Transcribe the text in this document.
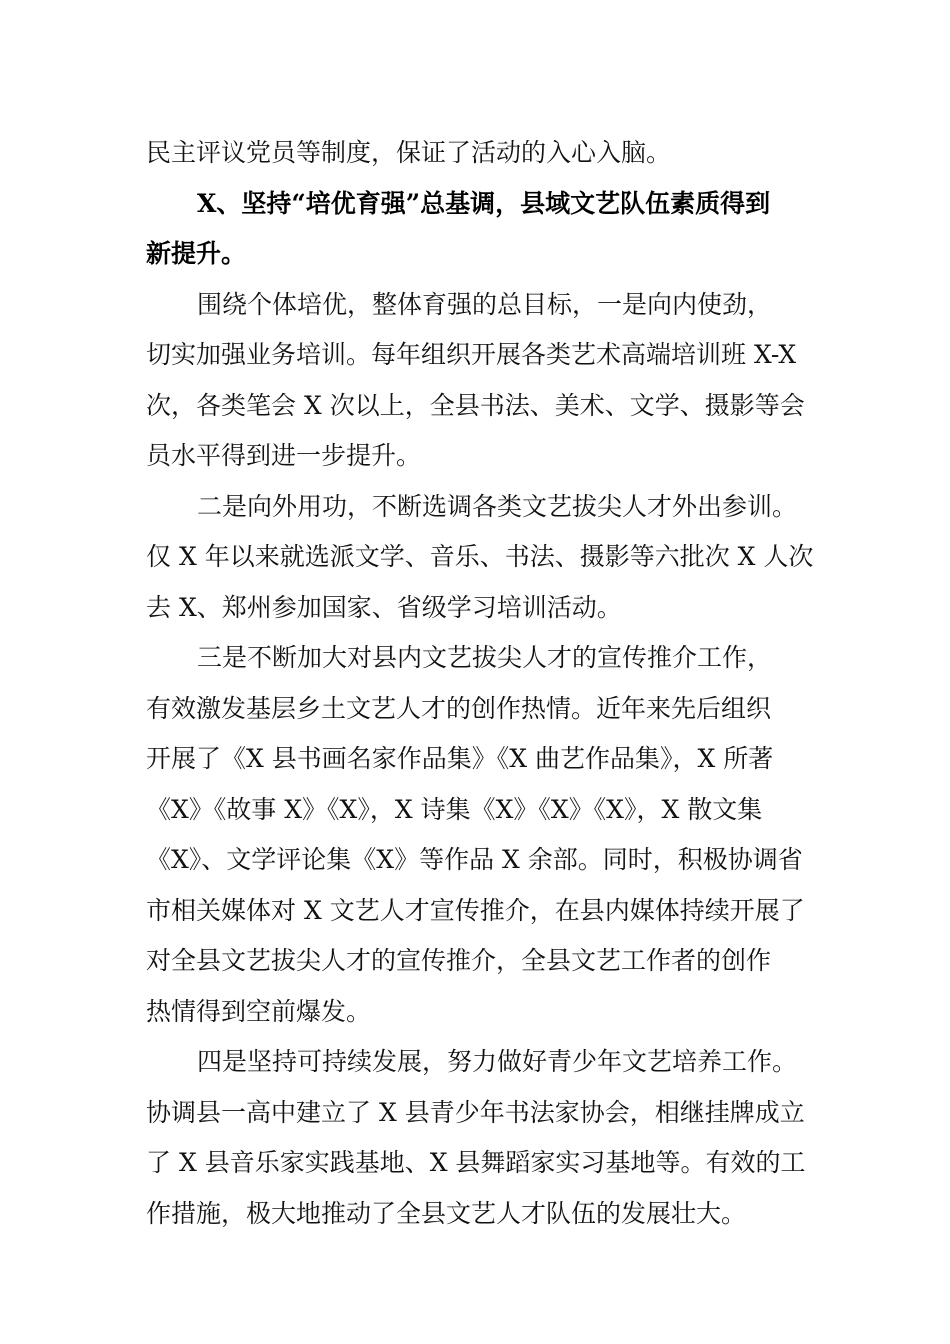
民主评议党员等制度，保证了活动的入心入脑。
X、坚持“培优育强”总基调，县域文艺队伍素质得到
新提升。
围绕个体培优，整体育强的总目标，一是向内使劲，
切实加强业务培训。每年组织开展各类艺术高端培训班 X-X
次，各类笔会 X 次以上，全县书法、美术、文学、摄影等会
员水平得到进一步提升。
二是向外用功，不断选调各类文艺拔尖人才外出参训。
仅 X 年以来就选派文学、音乐、书法、摄影等六批次 X 人次
去 X、郑州参加国家、省级学习培训活动。
三是不断加大对县内文艺拔尖人才的宣传推介工作，
有效激发基层乡土文艺人才的创作热情。近年来先后组织
开展了《X 县书画名家作品集》《X 曲艺作品集》，X 所著
《X》《故事 X》《X》，X 诗集《X》《X》《X》，X 散文集
《X》、文学评论集《X》等作品 X 余部。同时，积极协调省
市相关媒体对 X 文艺人才宣传推介，在县内媒体持续开展了
对全县文艺拔尖人才的宣传推介，全县文艺工作者的创作
热情得到空前爆发。
四是坚持可持续发展，努力做好青少年文艺培养工作。
协调县一高中建立了 X 县青少年书法家协会，相继挂牌成立
了 X 县音乐家实践基地、X 县舞蹈家实习基地等。有效的工
作措施，极大地推动了全县文艺人才队伍的发展壮大。
